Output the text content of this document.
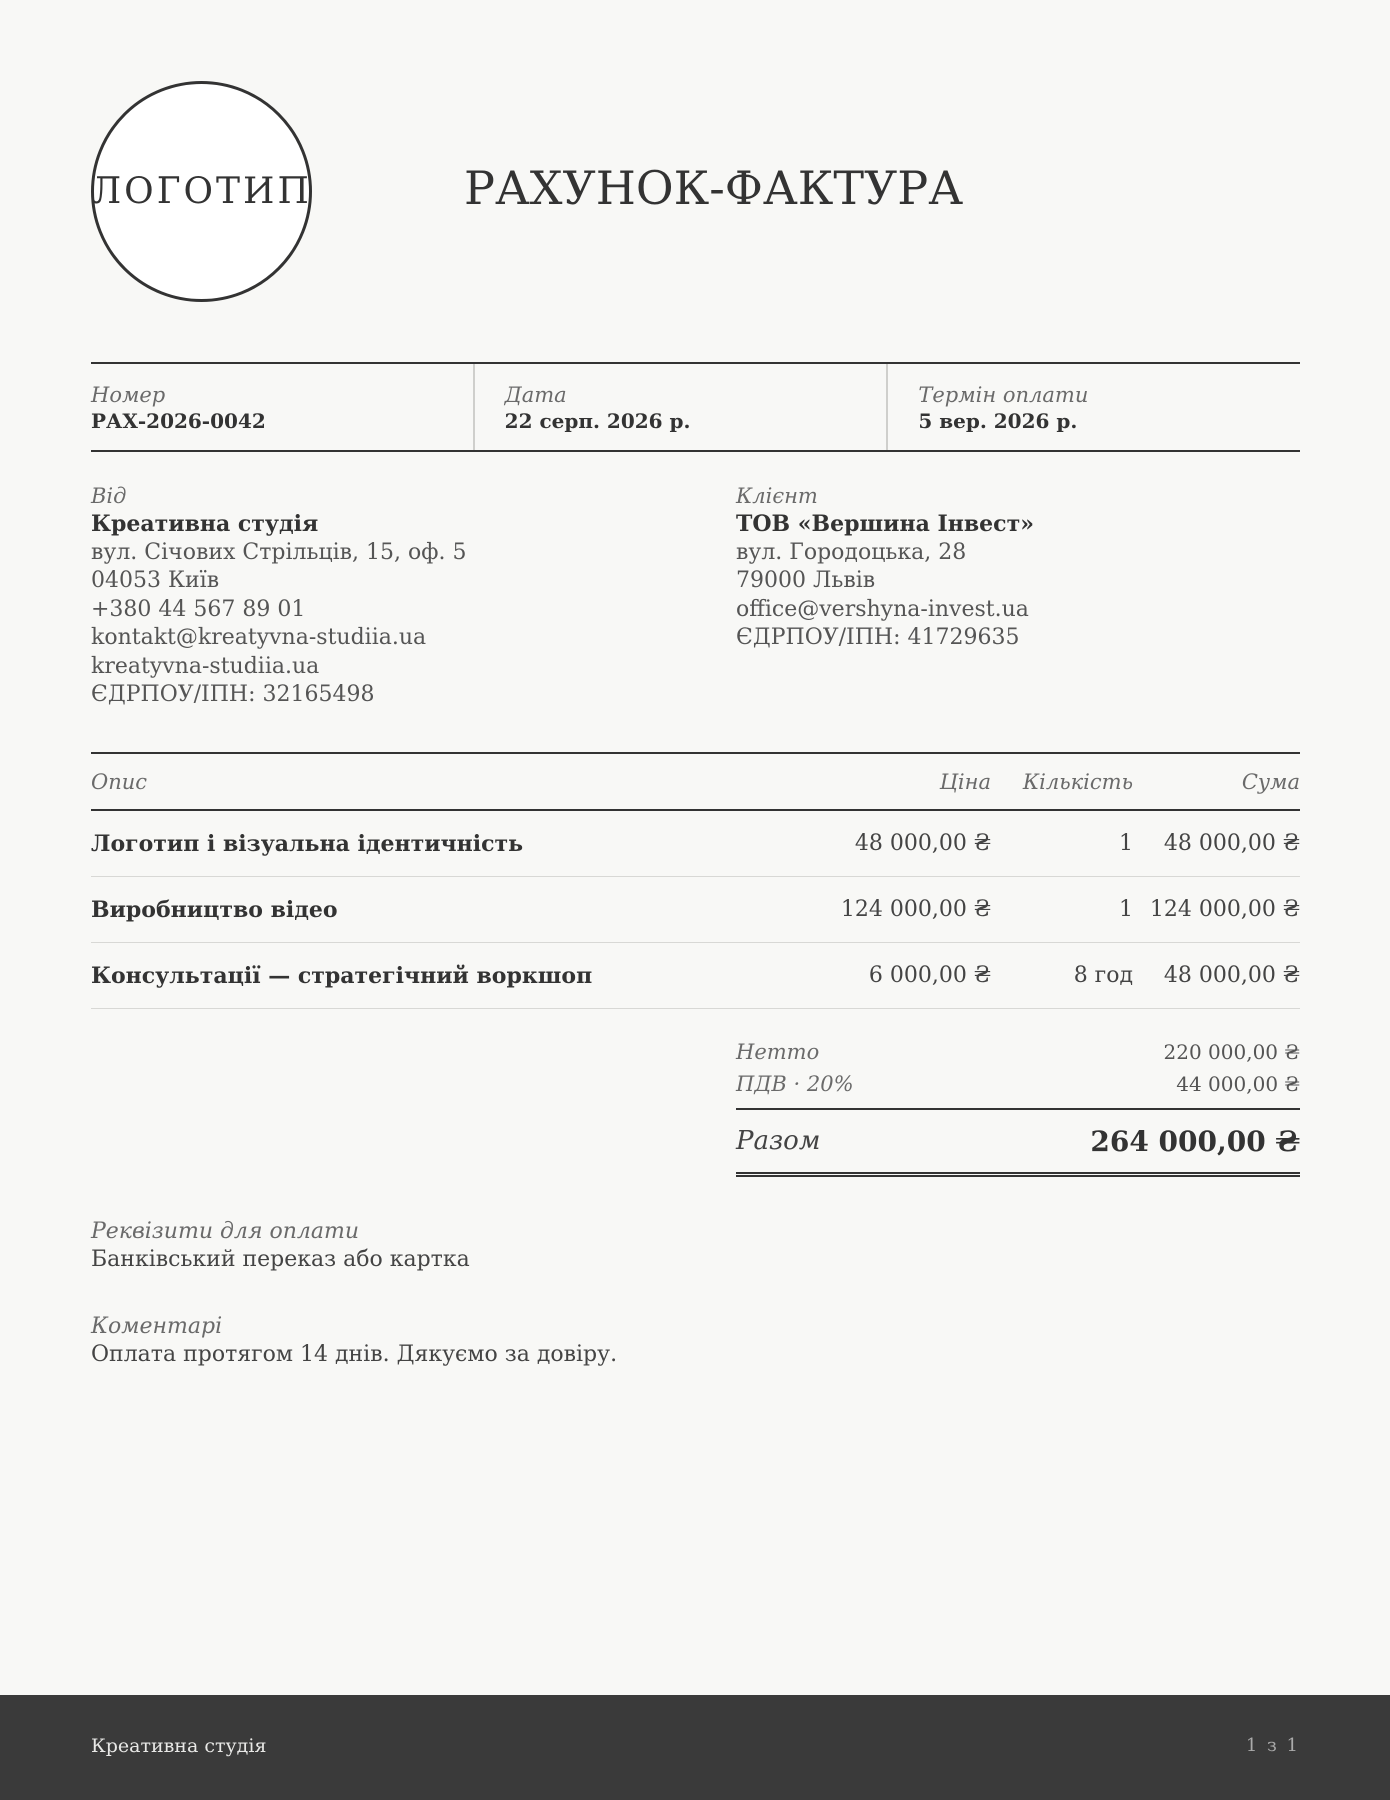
ЛОГОТИП	РАХУНОК-ФАКТУРА
Номер
РАХ-2026-0042
Дата
22 серп. 2026 р.
Термін оплати
5 вер. 2026 р.
Від
Креативна студія
вул. Січових Стрільців, 15, оф. 5
04053 Київ
+380 44 567 89 01
kontakt@kreatyvna-studiia.ua
kreatyvna-studiia.ua
ЄДРПОУ/ІПН: 32165498
Клієнт
ТОВ «Вершина Інвест»
вул. Городоцька, 28
79000 Львів
office@vershyna-invest.ua
ЄДРПОУ/ІПН: 41729635
Опис	Ціна	Кількість	Сума
Логотип і візуальна ідентичність	48 000,00 ₴	1	48 000,00 ₴
Виробництво відео	124 000,00 ₴	1	124 000,00 ₴
Консультації — стратегічний воркшоп	6 000,00 ₴	8 год	48 000,00 ₴
Нетто	220 000,00 ₴
ПДВ · 20%	44 000,00 ₴
Разом	264 000,00 ₴
Реквізити для оплати
Банківський переказ або картка
Коментарі
Оплата протягом 14 днів. Дякуємо за довіру.
Креативна студія	1 з 1
